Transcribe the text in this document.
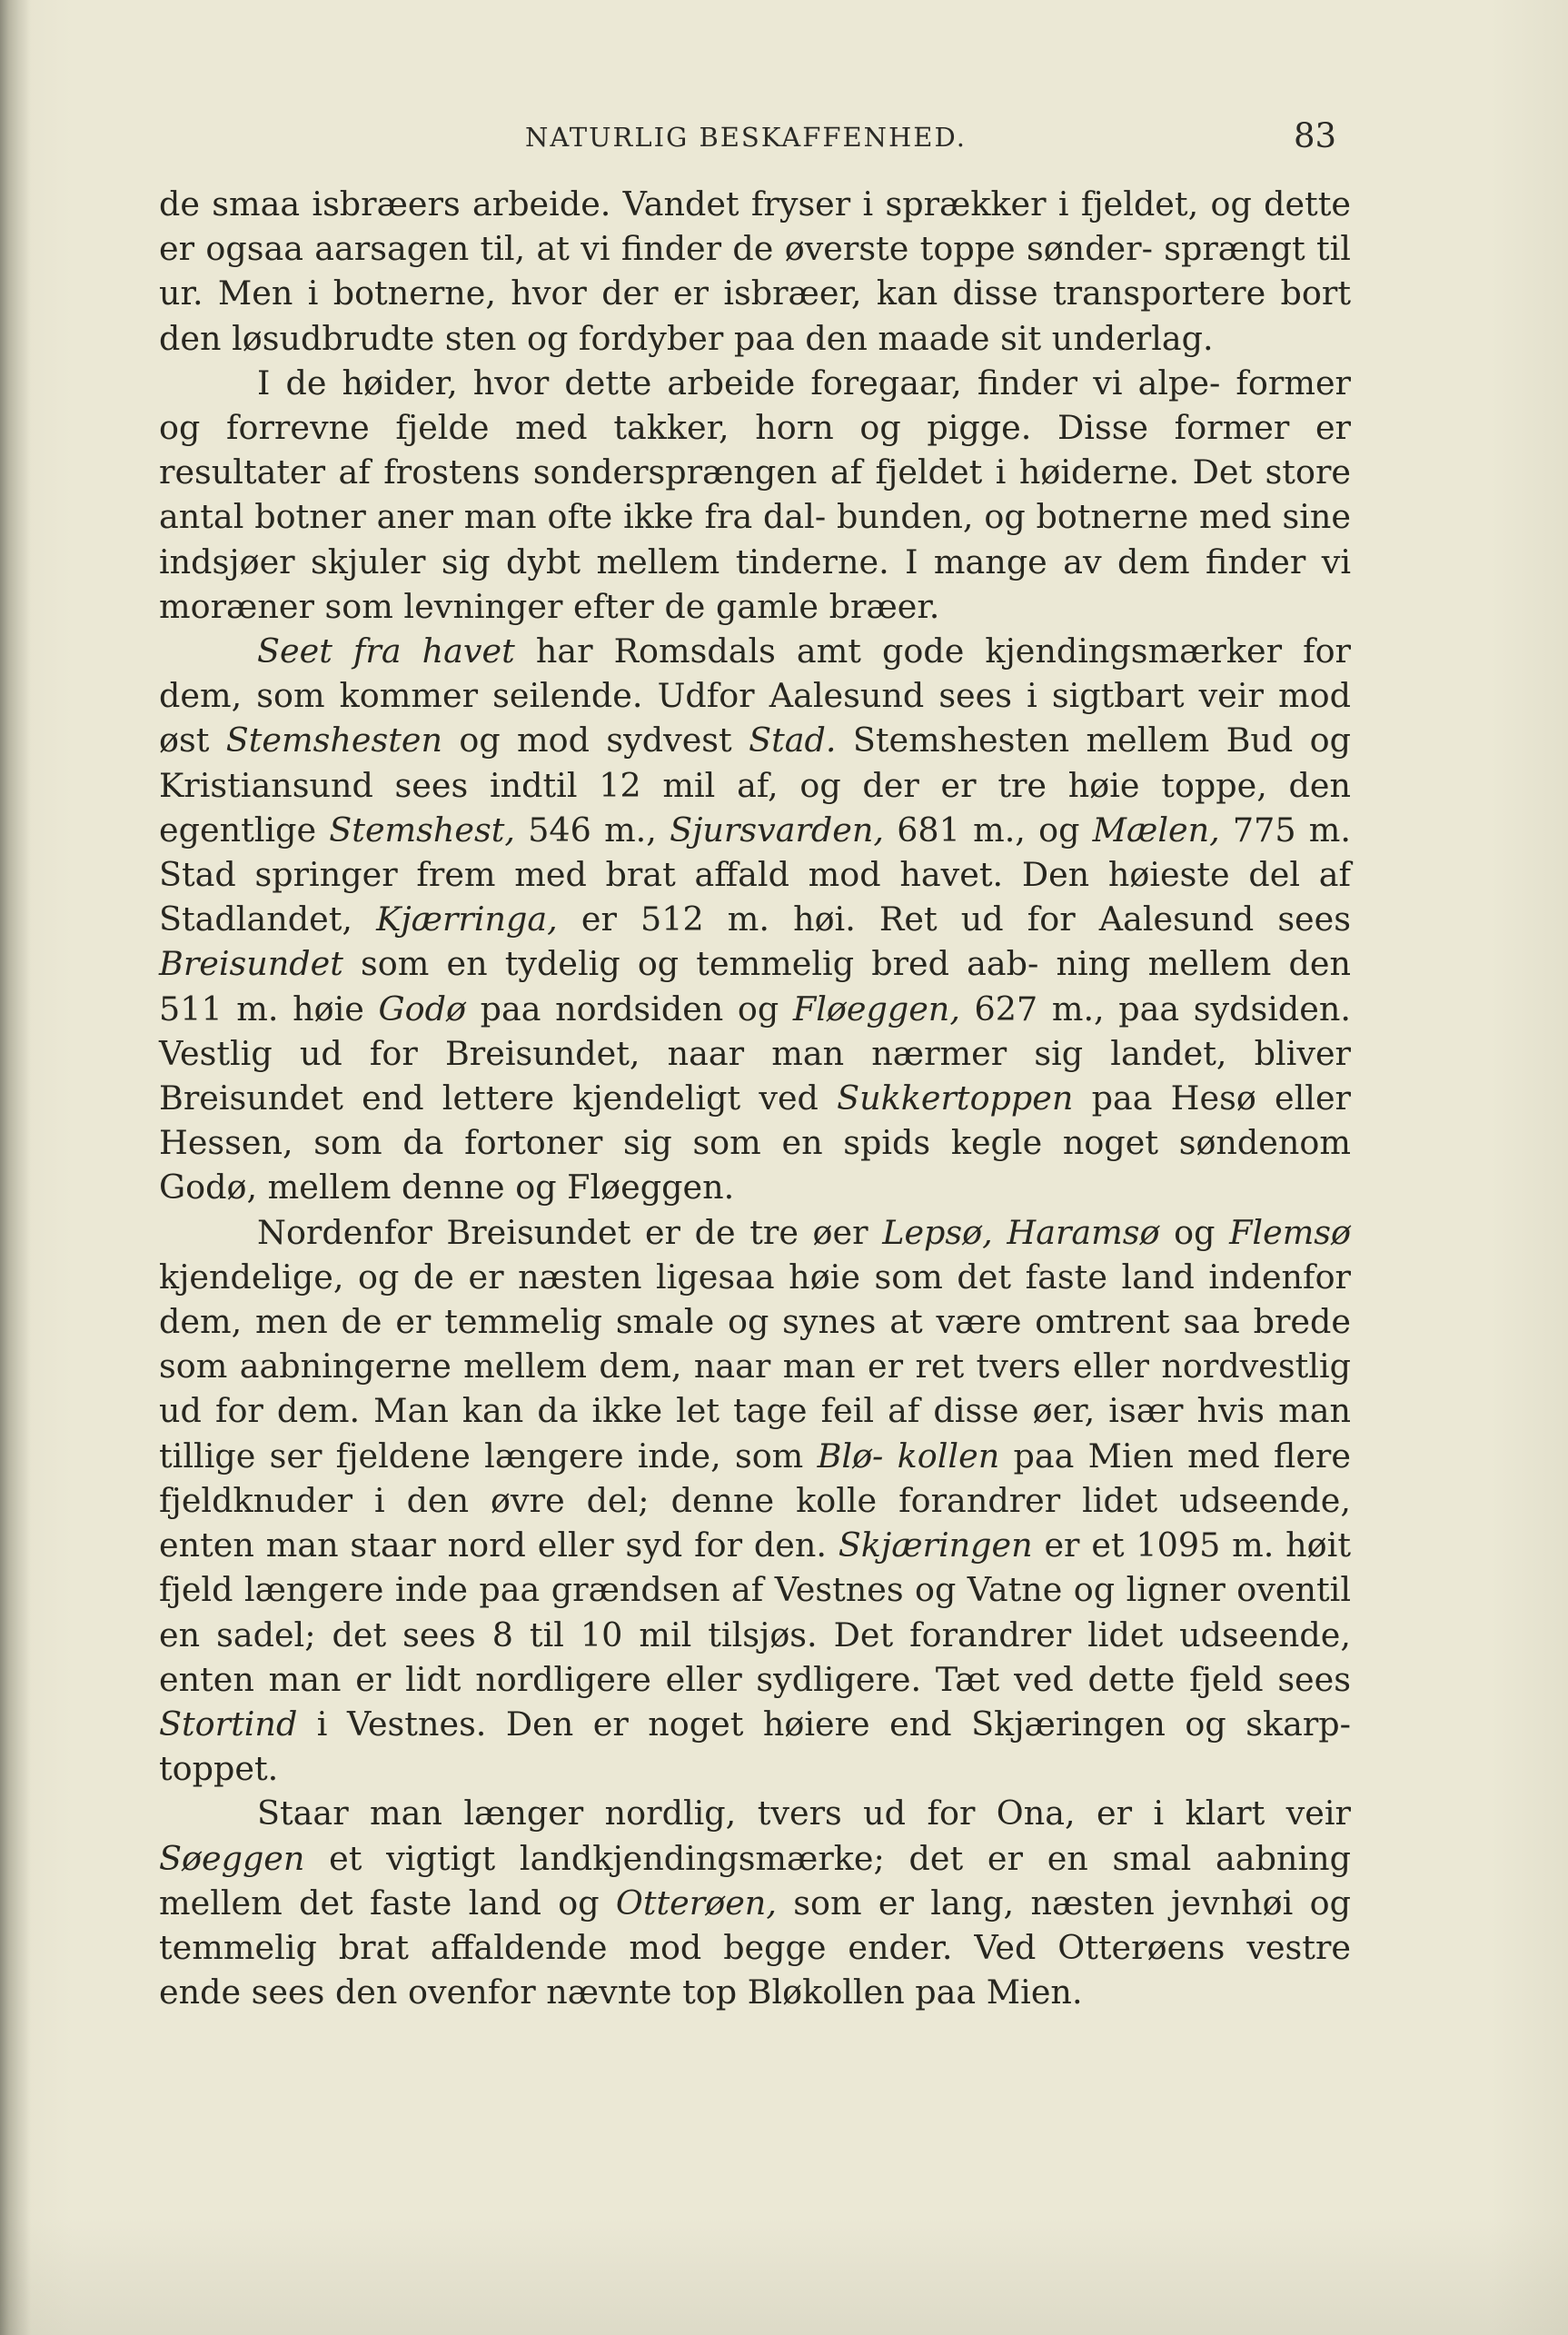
NATURLIG BESKAFFENHED.	83

de smaa isbræers arbeide. Vandet fryser i sprækker i fjeldet, og dette er ogsaa aarsagen til, at vi finder de øverste toppe sønder- sprængt til ur. Men i botnerne, hvor der er isbræer, kan disse transportere bort den løsudbrudte sten og fordyber paa den maade sit underlag.

I de høider, hvor dette arbeide foregaar, finder vi alpe- former og forrevne fjelde med takker, horn og pigge. Disse former er resultater af frostens sondersprængen af fjeldet i høiderne. Det store antal botner aner man ofte ikke fra dal- bunden, og botnerne med sine indsjøer skjuler sig dybt mellem tinderne. I mange av dem finder vi moræner som levninger efter de gamle bræer.

Seet fra havet har Romsdals amt gode kjendingsmærker for dem, som kommer seilende. Udfor Aalesund sees i sigtbart veir mod øst Stemshesten og mod sydvest Stad. Stemshesten mellem Bud og Kristiansund sees indtil 12 mil af, og der er tre høie toppe, den egentlige Stemshest, 546 m., Sjursvarden, 681 m., og Mælen, 775 m. Stad springer frem med brat affald mod havet. Den høieste del af Stadlandet, Kjærringa, er 512 m. høi. Ret ud for Aalesund sees Breisundet som en tydelig og temmelig bred aab- ning mellem den 511 m. høie Godø paa nordsiden og Fløeggen, 627 m., paa sydsiden. Vestlig ud for Breisundet, naar man nærmer sig landet, bliver Breisundet end lettere kjendeligt ved Sukkertoppen paa Hesø eller Hessen, som da fortoner sig som en spids kegle noget søndenom Godø, mellem denne og Fløeggen.

Nordenfor Breisundet er de tre øer Lepsø, Haramsø og Flemsø kjendelige, og de er næsten ligesaa høie som det faste land indenfor dem, men de er temmelig smale og synes at være omtrent saa brede som aabningerne mellem dem, naar man er ret tvers eller nordvestlig ud for dem. Man kan da ikke let tage feil af disse øer, især hvis man tillige ser fjeldene længere inde, som Blø- kollen paa Mien med flere fjeldknuder i den øvre del; denne kolle forandrer lidet udseende, enten man staar nord eller syd for den. Skjæringen er et 1095 m. høit fjeld længere inde paa grændsen af Vestnes og Vatne og ligner oventil en sadel; det sees 8 til 10 mil tilsjøs. Det forandrer lidet udseende, enten man er lidt nordligere eller sydligere. Tæt ved dette fjeld sees Stortind i Vestnes. Den er noget høiere end Skjæringen og skarp- toppet.

Staar man længer nordlig, tvers ud for Ona, er i klart veir Søeggen et vigtigt landkjendingsmærke; det er en smal aabning mellem det faste land og Otterøen, som er lang, næsten jevnhøi og temmelig brat affaldende mod begge ender. Ved Otterøens vestre ende sees den ovenfor nævnte top Bløkollen paa Mien.
